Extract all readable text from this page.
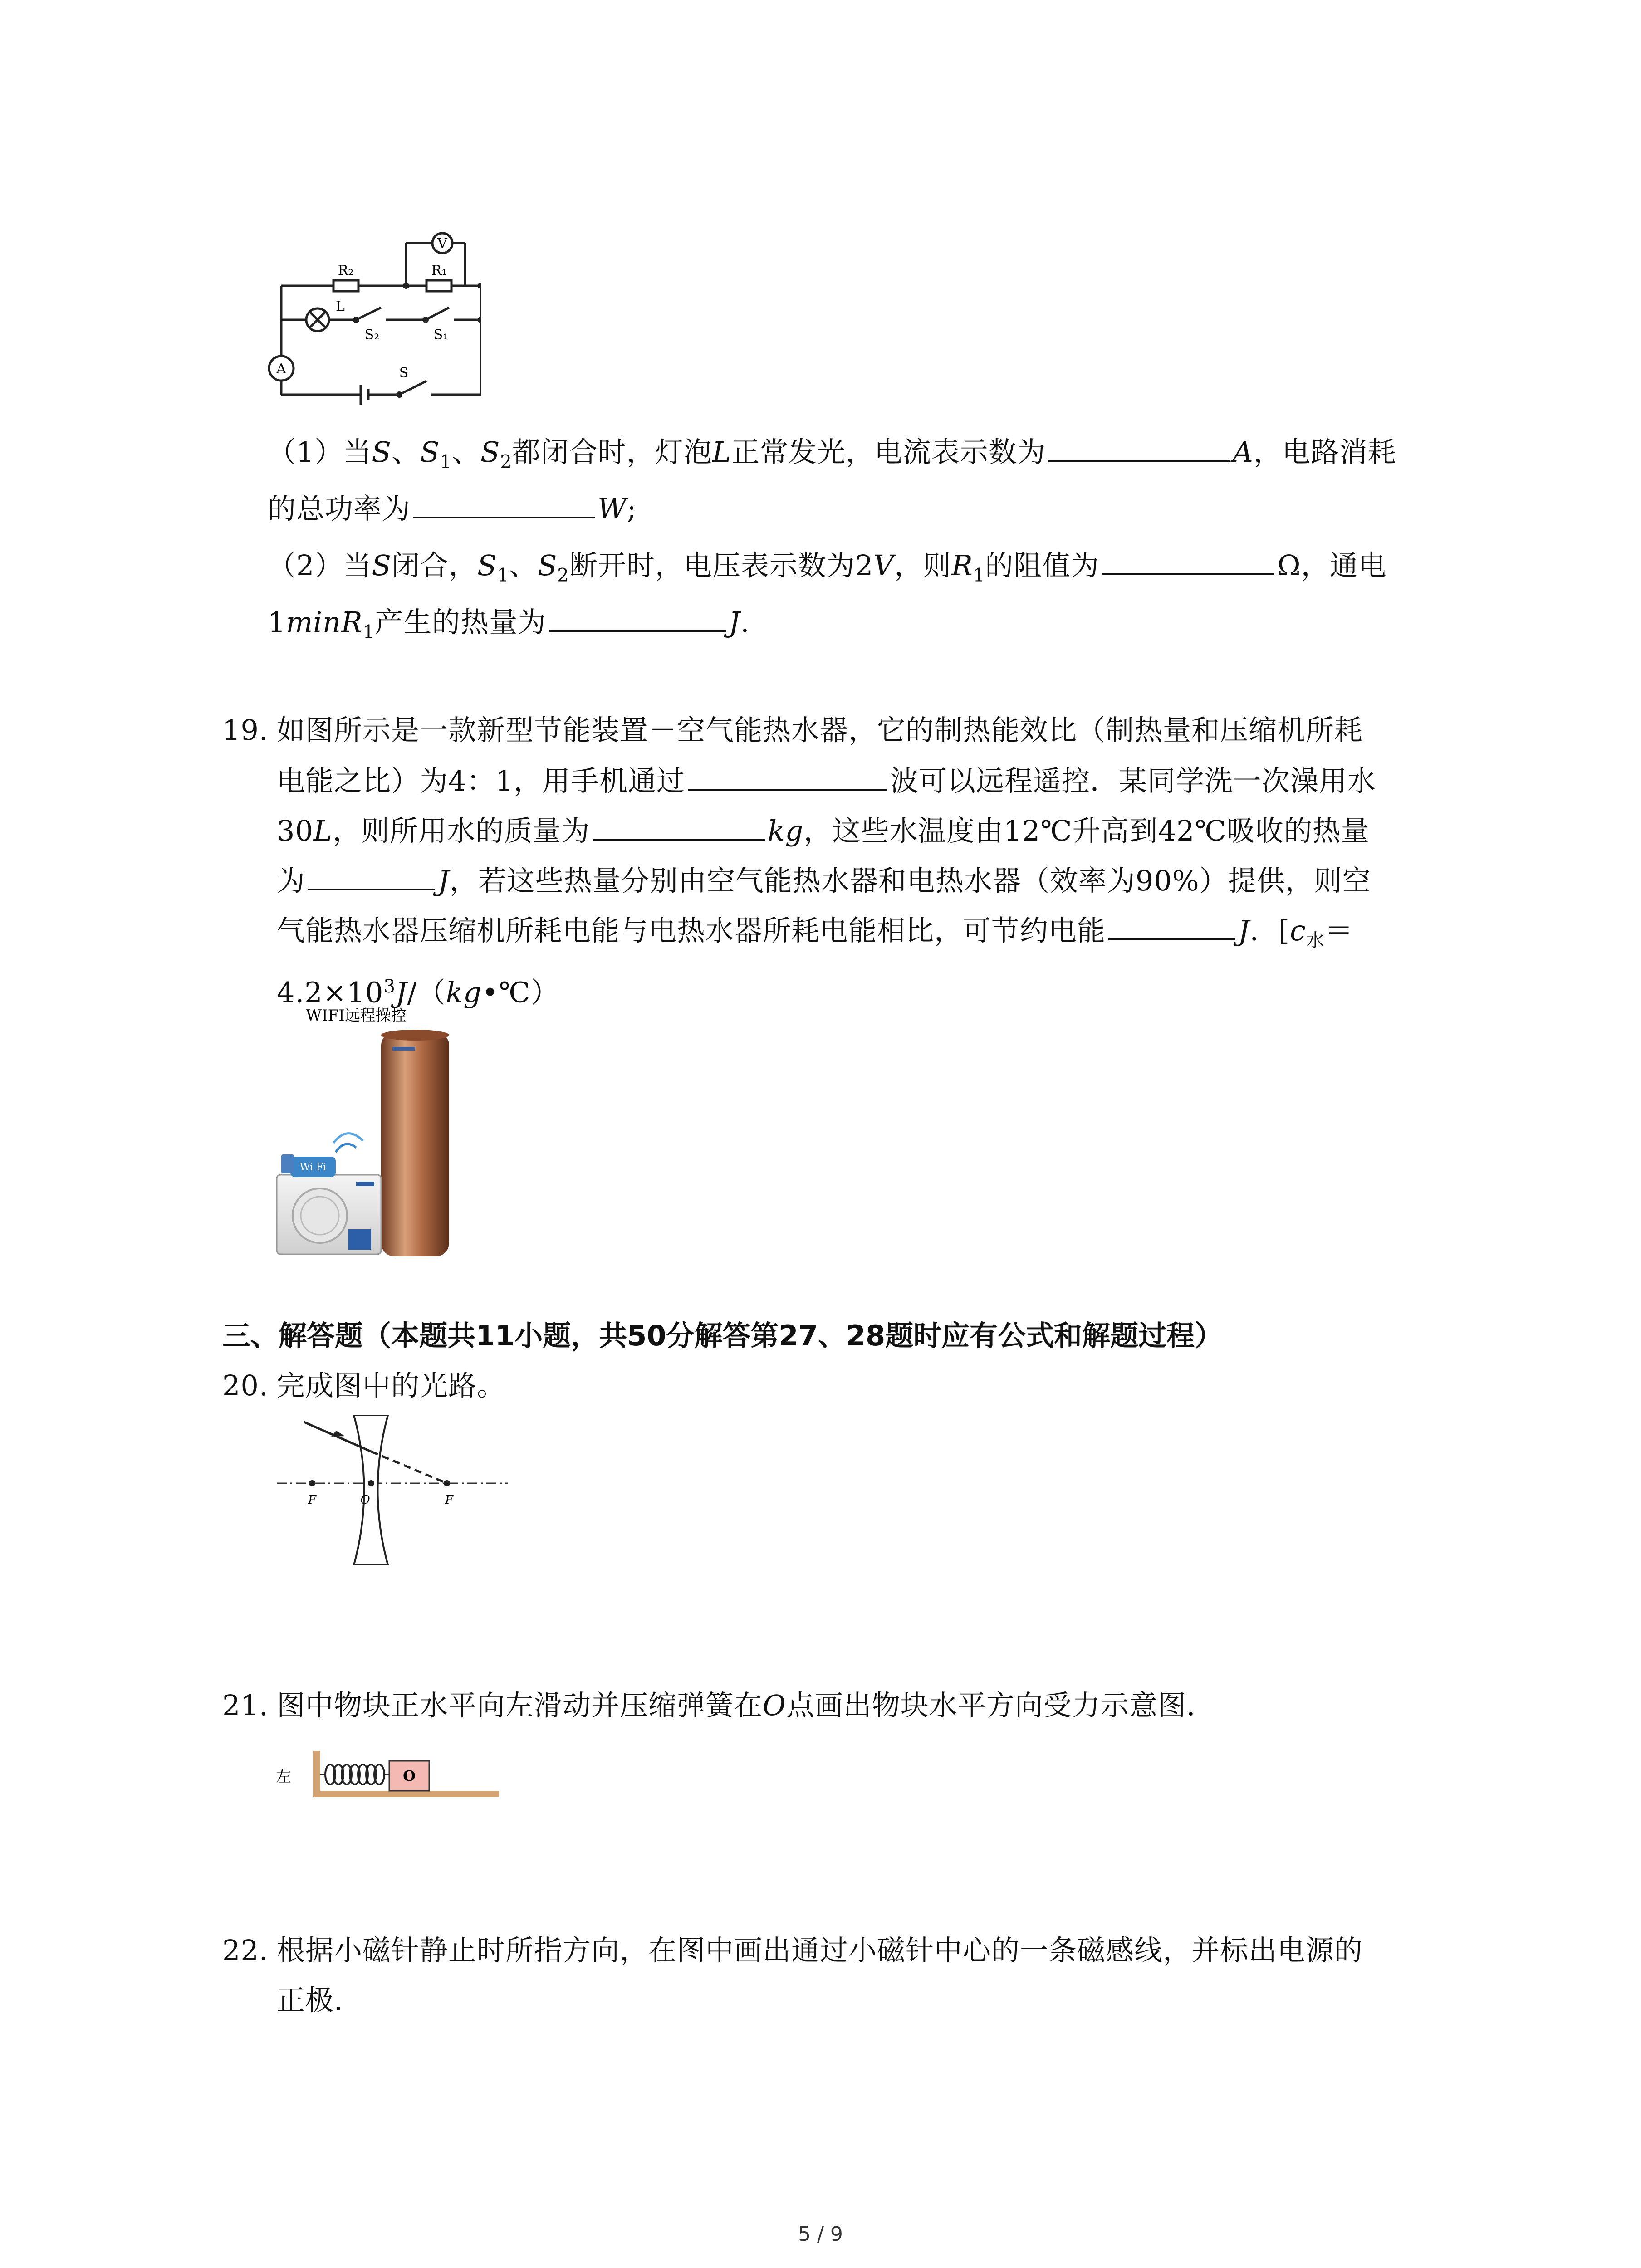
V
A
R₁
R₂
L
S₂	S₁
S
（1）当S、$S_1$、$S_2$都闭合时，灯泡L正常发光，电流表示数为	A，电路消耗
的总功率为	W;
（2）当S闭合，$S_1$、$S_2$断开时，电压表示数为2V，则$R_1$的阻值为	Ω，通电
1minR$_1$产生的热量为	J.
19. 如图所示是一款新型节能装置－空气能热水器，它的制热能效比（制热量和压缩机所耗
电能之比）为4：1，用手机通过	波可以远程遥控．某同学洗一次澡用水
30L，则所用水的质量为	kg，这些水温度由12℃升高到42℃吸收的热量
为	J，若这些热量分别由空气能热水器和电热水器（效率为90%）提供，则空
气能热水器压缩机所耗电能与电热水器所耗电能相比，可节约电能	J．[$c_水=$
$4.2\times 10^3J/(kg•℃)$
WIFI远程操控
Wi Fi
三、解答题（本题共11小题，共50分解答第27、28题时应有公式和解题过程）
20. 完成图中的光路。
F	O	F
21. 图中物块正水平向左滑动并压缩弹簧在O点画出物块水平方向受力示意图.
左	O
22. 根据小磁针静止时所指方向，在图中画出通过小磁针中心的一条磁感线，并标出电源的
正极.
5 / 9
